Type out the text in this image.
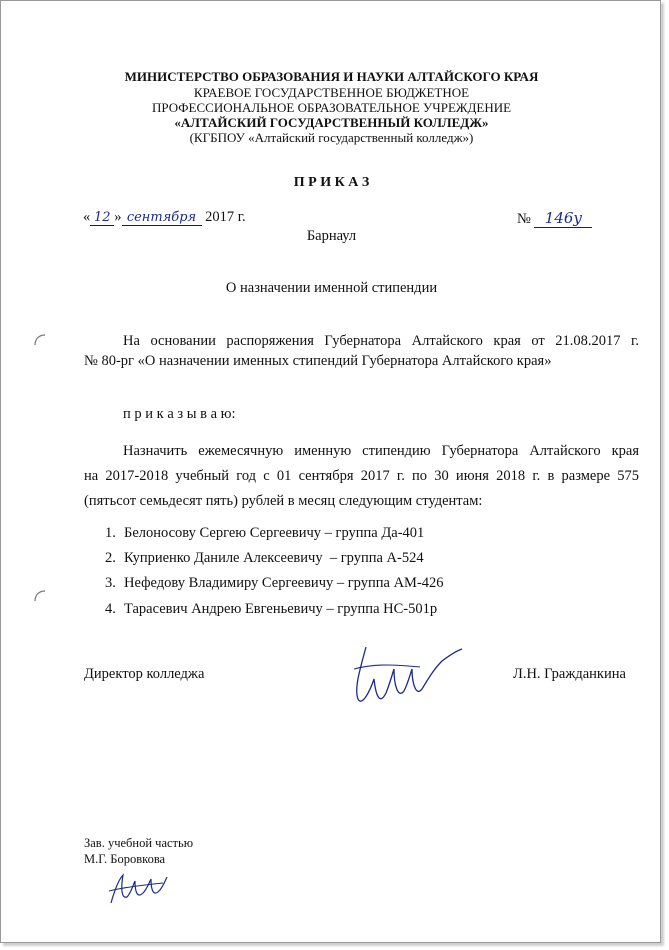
МИНИСТЕРСТВО ОБРАЗОВАНИЯ И НАУКИ АЛТАЙСКОГО КРАЯ
КРАЕВОЕ ГОСУДАРСТВЕННОЕ БЮДЖЕТНОЕ
ПРОФЕССИОНАЛЬНОЕ ОБРАЗОВАТЕЛЬНОЕ УЧРЕЖДЕНИЕ
«АЛТАЙСКИЙ ГОСУДАРСТВЕННЫЙ КОЛЛЕДЖ»
(КГБПОУ «Алтайский государственный колледж»)
П Р И К А З
« 12 » сентября 2017 г.	№ 146у
Барнаул
О назначении именной стипендии
На основании распоряжения Губернатора Алтайского края от 21.08.2017 г.
№ 80-рг «О назначении именных стипендий Губернатора Алтайского края»
п р и к а з ы в а ю:
Назначить ежемесячную именную стипендию Губернатора Алтайского края
на 2017-2018 учебный год с 01 сентября 2017 г. по 30 июня 2018 г. в размере 575
(пятьсот семьдесят пять) рублей в месяц следующим студентам:
1. Белоносову Сергею Сергеевичу – группа Да-401
2. Куприенко Даниле Алексеевичу  – группа А-524
3. Нефедову Владимиру Сергеевичу – группа АМ-426
4. Тарасевич Андрею Евгеньевичу – группа НС-501р
Директор колледжа	Л.Н. Гражданкина
Зав. учебной частью
М.Г. Боровкова
